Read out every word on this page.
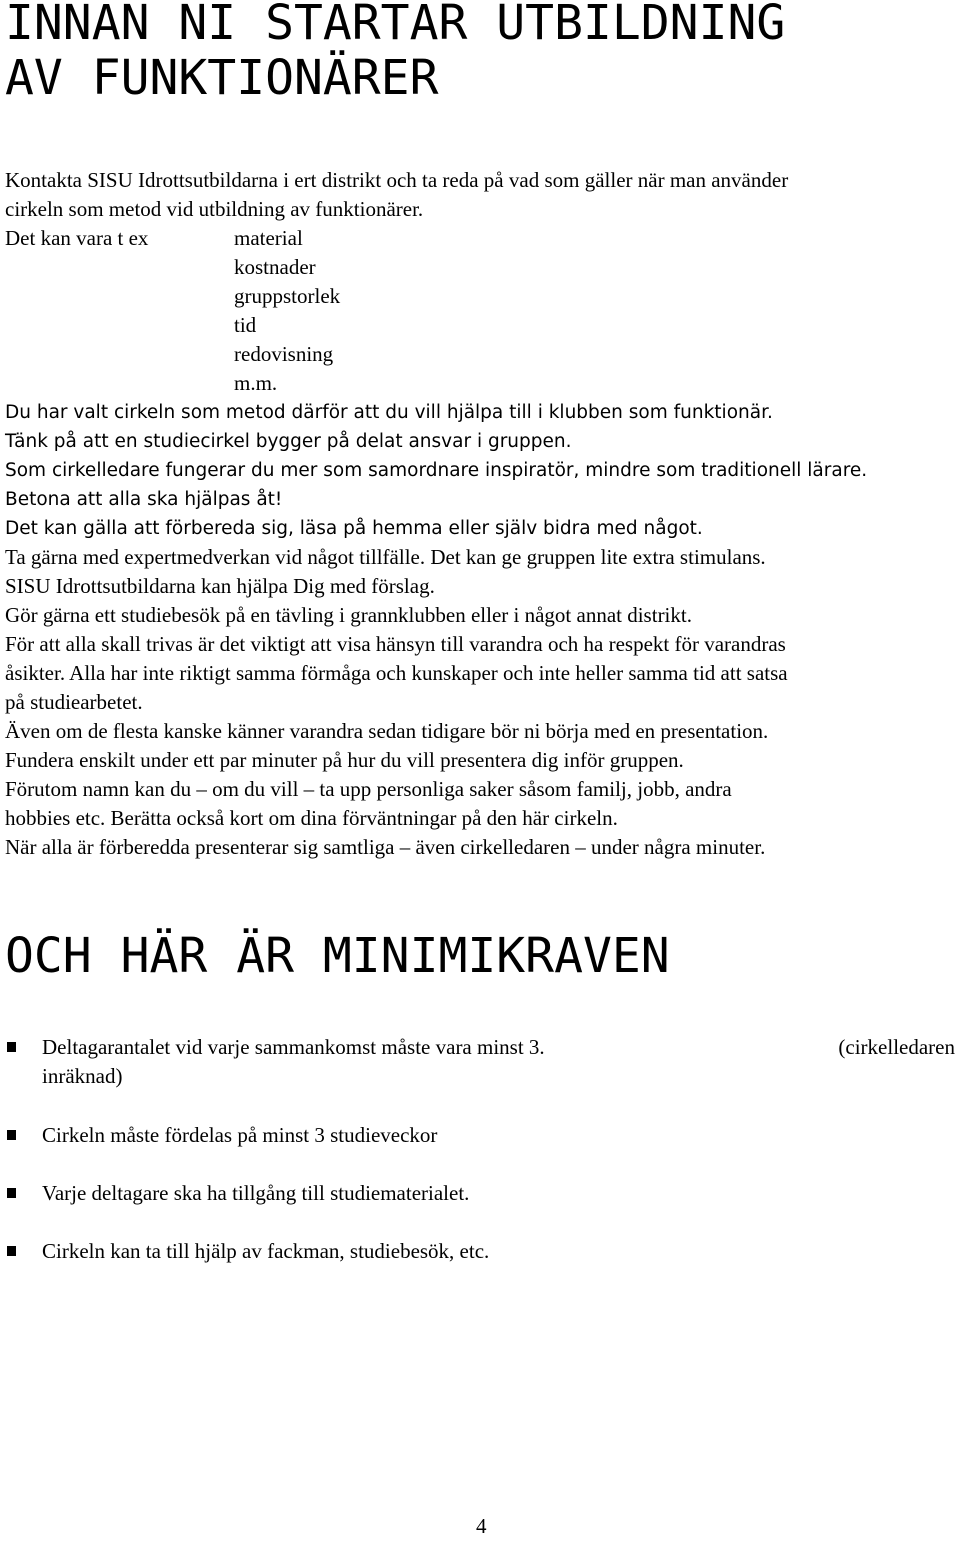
INNAN NI STARTAR UTBILDNING
AV FUNKTIONÄRER
Kontakta SISU Idrottsutbildarna i ert distrikt och ta reda på vad som gäller när man använder
cirkeln som metod vid utbildning av funktionärer.
Det kan vara t ex	material
kostnader
gruppstorlek
tid
redovisning
m.m.
Du har valt cirkeln som metod därför att du vill hjälpa till i klubben som funktionär.
Tänk på att en studiecirkel bygger på delat ansvar i gruppen.
Som cirkelledare fungerar du mer som samordnare inspiratör, mindre som traditionell lärare.
Betona att alla ska hjälpas åt!
Det kan gälla att förbereda sig, läsa på hemma eller själv bidra med något.
Ta gärna med expertmedverkan vid något tillfälle. Det kan ge gruppen lite extra stimulans.
SISU Idrottsutbildarna kan hjälpa Dig med förslag.
Gör gärna ett studiebesök på en tävling i grannklubben eller i något annat distrikt.
För att alla skall trivas är det viktigt att visa hänsyn till varandra och ha respekt för varandras
åsikter. Alla har inte riktigt samma förmåga och kunskaper och inte heller samma tid att satsa
på studiearbetet.
Även om de flesta kanske känner varandra sedan tidigare bör ni börja med en presentation.
Fundera enskilt under ett par minuter på hur du vill presentera dig inför gruppen.
Förutom namn kan du – om du vill – ta upp personliga saker såsom familj, jobb, andra
hobbies etc. Berätta också kort om dina förväntningar på den här cirkeln.
När alla är förberedda presenterar sig samtliga – även cirkelledaren – under några minuter.
OCH HÄR ÄR MINIMIKRAVEN
Deltagarantalet vid varje sammankomst måste vara minst 3.	(cirkelledaren
inräknad)
Cirkeln måste fördelas på minst 3 studieveckor
Varje deltagare ska ha tillgång till studiematerialet.
Cirkeln kan ta till hjälp av fackman, studiebesök, etc.
4
